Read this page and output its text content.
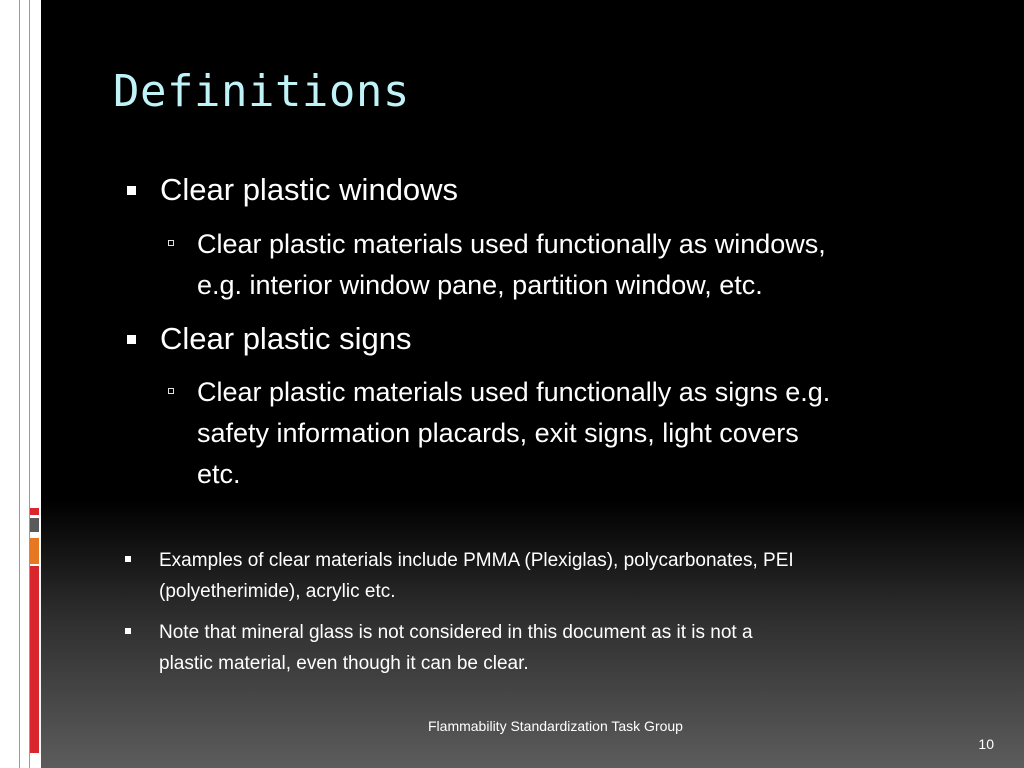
Definitions
Clear plastic windows
Clear plastic materials used functionally as windows,
e.g. interior window pane, partition window, etc.
Clear plastic signs
Clear plastic materials used functionally as signs e.g.
safety information placards, exit signs, light covers
etc.
Examples of clear materials include PMMA (Plexiglas), polycarbonates, PEI
(polyetherimide), acrylic etc.
Note that mineral glass is not considered in this document as it is not a
plastic material, even though it can be clear.
Flammability Standardization Task Group
10
